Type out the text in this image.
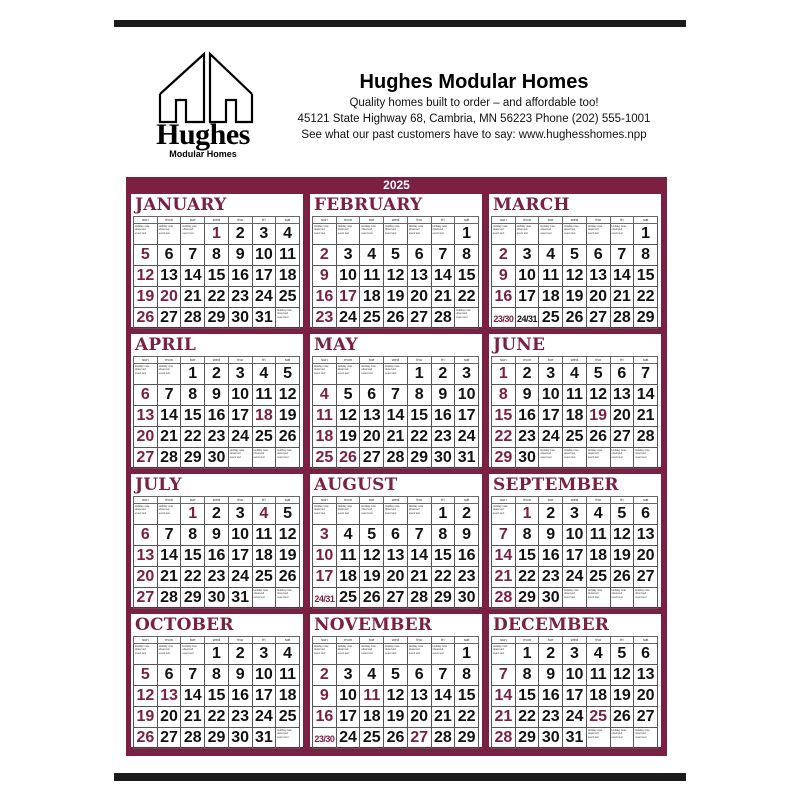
Hughes
Modular Homes
Hughes Modular Homes
Quality homes built to order – and affordable too!
45121 State Highway 68, Cambria, MN 56223 Phone (202) 555-1001
See what our past customers have to say: www.hughesshomes.npp
2025
JANUARY
sun	mon	tue	wed	thu	fri	sat

Holiday note
observed
event text	Holiday note
observed
event text	Holiday note
observed
event text	1	2	3	4
5	6	7	8	9	10	11
12	13	14	15	16	17	18
19	20	21	22	23	24	25
26	27	28	29	30	31	Holiday note
observed
event text
FEBRUARY
sun	mon	tue	wed	thu	fri	sat

Holiday note
observed
event text	Holiday note
observed
event text	Holiday note
observed
event text	Holiday note
observed
event text	Holiday note
observed
event text	Holiday note
observed
event text	1
2	3	4	5	6	7	8
9	10	11	12	13	14	15
16	17	18	19	20	21	22
23	24	25	26	27	28	Holiday note
observed
event text
MARCH
sun	mon	tue	wed	thu	fri	sat

Holiday note
observed
event text	Holiday note
observed
event text	Holiday note
observed
event text	Holiday note
observed
event text	Holiday note
observed
event text	Holiday note
observed
event text	1
2	3	4	5	6	7	8
9	10	11	12	13	14	15
16	17	18	19	20	21	22
23/30	24/31	25	26	27	28	29
APRIL
sun	mon	tue	wed	thu	fri	sat

Holiday note
observed
event text	Holiday note
observed
event text	1	2	3	4	5
6	7	8	9	10	11	12
13	14	15	16	17	18	19
20	21	22	23	24	25	26
27	28	29	30	Holiday note
observed
event text	Holiday note
observed
event text	Holiday note
observed
event text
MAY
sun	mon	tue	wed	thu	fri	sat

Holiday note
observed
event text	Holiday note
observed
event text	Holiday note
observed
event text	Holiday note
observed
event text	1	2	3
4	5	6	7	8	9	10
11	12	13	14	15	16	17
18	19	20	21	22	23	24
25	26	27	28	29	30	31
JUNE
sun	mon	tue	wed	thu	fri	sat
1	2	3	4	5	6	7
8	9	10	11	12	13	14
15	16	17	18	19	20	21
22	23	24	25	26	27	28
29	30	Holiday note
observed
event text	Holiday note
observed
event text	Holiday note
observed
event text	Holiday note
observed
event text	Holiday note
observed
event text
JULY
sun	mon	tue	wed	thu	fri	sat

Holiday note
observed
event text	Holiday note
observed
event text	1	2	3	4	5
6	7	8	9	10	11	12
13	14	15	16	17	18	19
20	21	22	23	24	25	26
27	28	29	30	31	Holiday note
observed
event text	Holiday note
observed
event text
AUGUST
sun	mon	tue	wed	thu	fri	sat

Holiday note
observed
event text	Holiday note
observed
event text	Holiday note
observed
event text	Holiday note
observed
event text	Holiday note
observed
event text	1	2
3	4	5	6	7	8	9
10	11	12	13	14	15	16
17	18	19	20	21	22	23
24/31	25	26	27	28	29	30
SEPTEMBER
sun	mon	tue	wed	thu	fri	sat

Holiday note
observed
event text	1	2	3	4	5	6
7	8	9	10	11	12	13
14	15	16	17	18	19	20
21	22	23	24	25	26	27
28	29	30	Holiday note
observed
event text	Holiday note
observed
event text	Holiday note
observed
event text	Holiday note
observed
event text
OCTOBER
sun	mon	tue	wed	thu	fri	sat

Holiday note
observed
event text	Holiday note
observed
event text	Holiday note
observed
event text	1	2	3	4
5	6	7	8	9	10	11
12	13	14	15	16	17	18
19	20	21	22	23	24	25
26	27	28	29	30	31	Holiday note
observed
event text
NOVEMBER
sun	mon	tue	wed	thu	fri	sat

Holiday note
observed
event text	Holiday note
observed
event text	Holiday note
observed
event text	Holiday note
observed
event text	Holiday note
observed
event text	Holiday note
observed
event text	1
2	3	4	5	6	7	8
9	10	11	12	13	14	15
16	17	18	19	20	21	22
23/30	24	25	26	27	28	29
DECEMBER
sun	mon	tue	wed	thu	fri	sat

Holiday note
observed
event text	1	2	3	4	5	6
7	8	9	10	11	12	13
14	15	16	17	18	19	20
21	22	23	24	25	26	27
28	29	30	31	Holiday note
observed
event text	Holiday note
observed
event text	Holiday note
observed
event text
